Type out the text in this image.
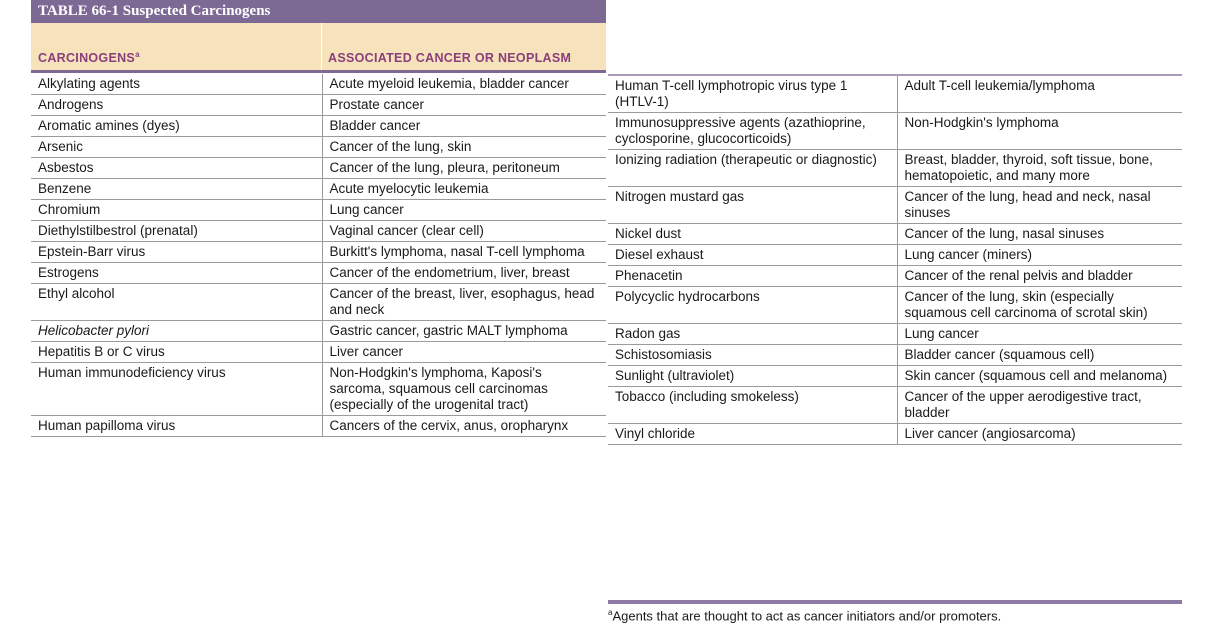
TABLE 66-1 Suspected Carcinogens
CARCINOGENS$^a$	ASSOCIATED CANCER OR NEOPLASM
Alkylating agents	Acute myeloid leukemia, bladder cancer
Androgens	Prostate cancer
Aromatic amines (dyes)	Bladder cancer
Arsenic	Cancer of the lung, skin
Asbestos	Cancer of the lung, pleura, peritoneum
Benzene	Acute myelocytic leukemia
Chromium	Lung cancer
Diethylstilbestrol (prenatal)	Vaginal cancer (clear cell)
Epstein-Barr virus	Burkitt's lymphoma, nasal T-cell lymphoma
Estrogens	Cancer of the endometrium, liver, breast
Ethyl alcohol	Cancer of the breast, liver, esophagus, head and neck
Helicobacter pylori	Gastric cancer, gastric MALT lymphoma
Hepatitis B or C virus	Liver cancer
Human immunodeficiency virus	Non-Hodgkin's lymphoma, Kaposi's sarcoma, squamous cell carcinomas (especially of the urogenital tract)
Human papilloma virus	Cancers of the cervix, anus, oropharynx
Human T-cell lymphotropic virus type 1 (HTLV-1)	Adult T-cell leukemia/lymphoma
Immunosuppressive agents (azathioprine, cyclosporine, glucocorticoids)	Non-Hodgkin's lymphoma
Ionizing radiation (therapeutic or diagnostic)	Breast, bladder, thyroid, soft tissue, bone, hematopoietic, and many more
Nitrogen mustard gas	Cancer of the lung, head and neck, nasal sinuses
Nickel dust	Cancer of the lung, nasal sinuses
Diesel exhaust	Lung cancer (miners)
Phenacetin	Cancer of the renal pelvis and bladder
Polycyclic hydrocarbons	Cancer of the lung, skin (especially squamous cell carcinoma of scrotal skin)
Radon gas	Lung cancer
Schistosomiasis	Bladder cancer (squamous cell)
Sunlight (ultraviolet)	Skin cancer (squamous cell and melanoma)
Tobacco (including smokeless)	Cancer of the upper aerodigestive tract, bladder
Vinyl chloride	Liver cancer (angiosarcoma)
$^a$Agents that are thought to act as cancer initiators and/or promoters.
